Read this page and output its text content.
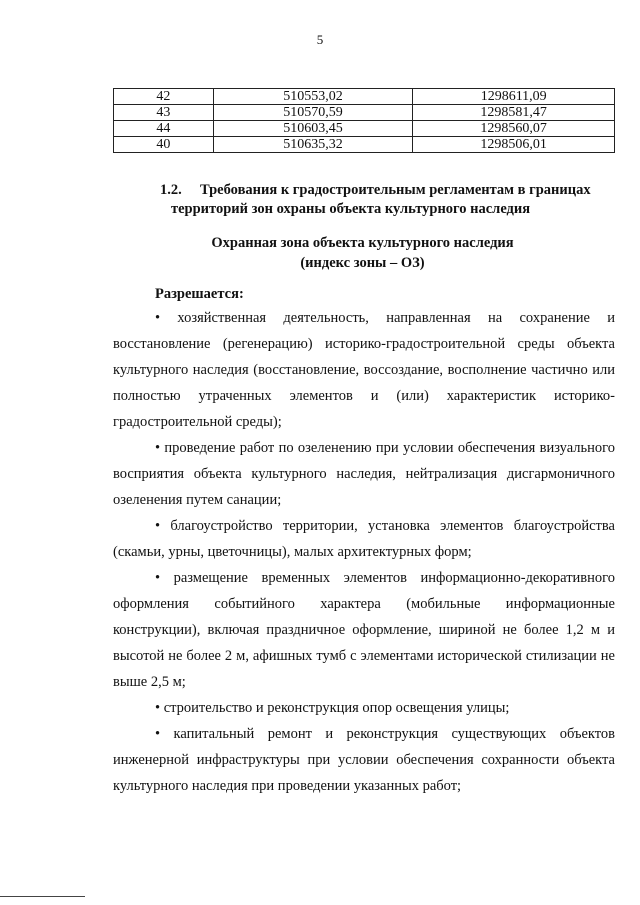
5
42	510553,02	1298611,09
43	510570,59	1298581,47
44	510603,45	1298560,07
40	510635,32	1298506,01
1.2. Требования к градостроительным регламентам в границах
территорий зон охраны объекта культурного наследия
Охранная зона объекта культурного наследия
(индекс зоны – ОЗ)
Разрешается:

• хозяйственная деятельность, направленная на сохранение и восстановление (регенерацию) историко-градостроительной среды объекта культурного наследия (восстановление, воссоздание, восполнение частично или полностью утраченных элементов и (или) характеристик историко-градостроительной среды);

• проведение работ по озеленению при условии обеспечения визуального восприятия объекта культурного наследия, нейтрализация дисгармоничного озеленения путем санации;

• благоустройство территории, установка элементов благоустройства (скамьи, урны, цветочницы), малых архитектурных форм;

• размещение временных элементов информационно-декоративного оформления событийного характера (мобильные информационные конструкции), включая праздничное оформление, шириной не более 1,2 м и высотой не более 2 м, афишных тумб с элементами исторической стилизации не выше 2,5 м;

• строительство и реконструкция опор освещения улицы;

• капитальный ремонт и реконструкция существующих объектов инженерной инфраструктуры при условии обеспечения сохранности объекта культурного наследия при проведении указанных работ;
